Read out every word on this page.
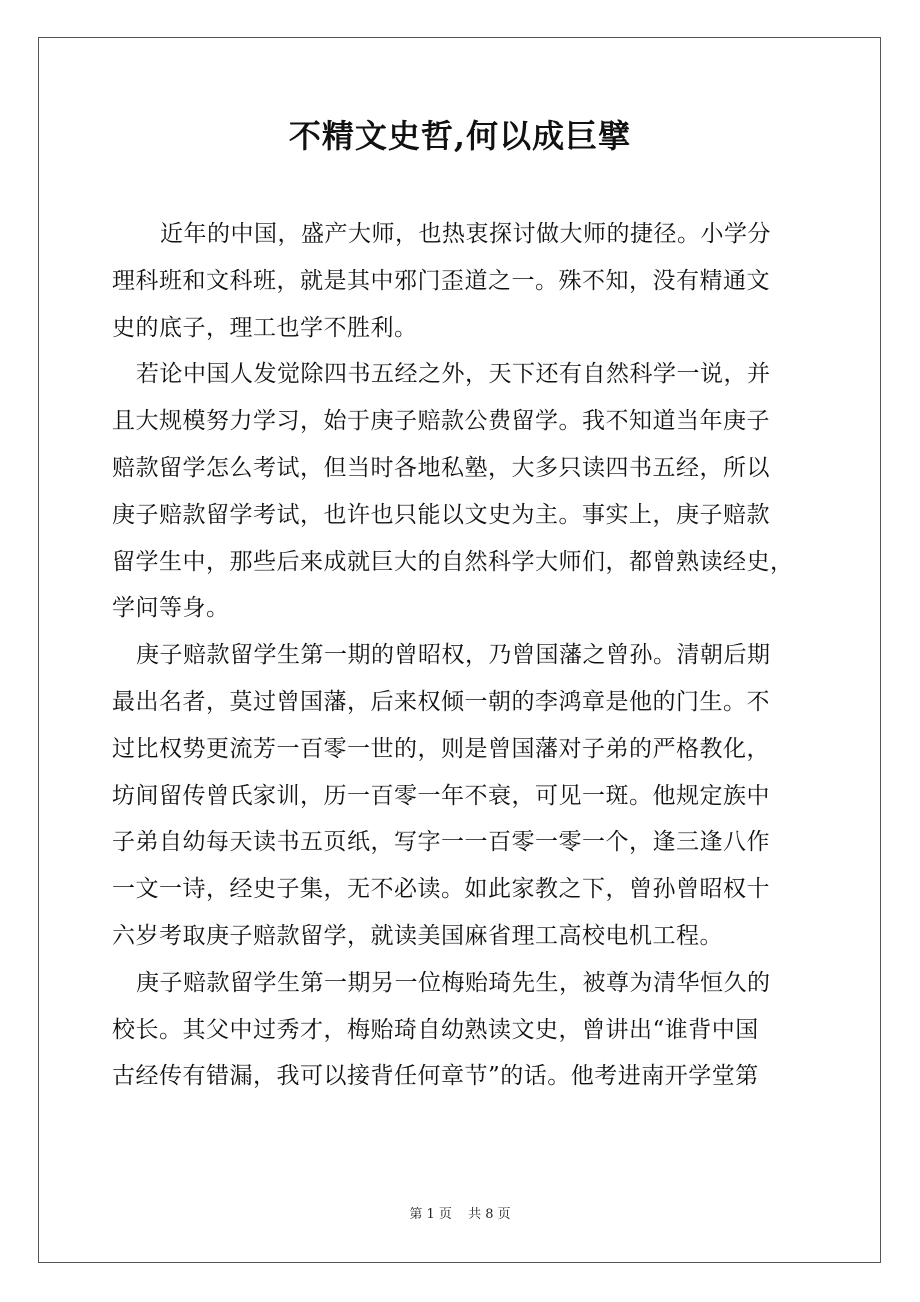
不精文史哲,何以成巨擘
近年的中国，盛产大师，也热衷探讨做大师的捷径。小学分
理科班和文科班，就是其中邪门歪道之一。殊不知，没有精通文
史的底子，理工也学不胜利。
若论中国人发觉除四书五经之外，天下还有自然科学一说，并
且大规模努力学习，始于庚子赔款公费留学。我不知道当年庚子
赔款留学怎么考试，但当时各地私塾，大多只读四书五经，所以
庚子赔款留学考试，也许也只能以文史为主。事实上，庚子赔款
留学生中，那些后来成就巨大的自然科学大师们，都曾熟读经史，
学问等身。
庚子赔款留学生第一期的曾昭权，乃曾国藩之曾孙。清朝后期
最出名者，莫过曾国藩，后来权倾一朝的李鸿章是他的门生。不
过比权势更流芳一百零一世的，则是曾国藩对子弟的严格教化，
坊间留传曾氏家训，历一百零一年不衰，可见一斑。他规定族中
子弟自幼每天读书五页纸，写字一一百零一零一个，逢三逢八作
一文一诗，经史子集，无不必读。如此家教之下，曾孙曾昭权十
六岁考取庚子赔款留学，就读美国麻省理工高校电机工程。
庚子赔款留学生第一期另一位梅贻琦先生，被尊为清华恒久的
校长。其父中过秀才，梅贻琦自幼熟读文史，曾讲出“谁背中国
古经传有错漏，我可以接背任何章节”的话。他考进南开学堂第
第 1 页 共 8 页
